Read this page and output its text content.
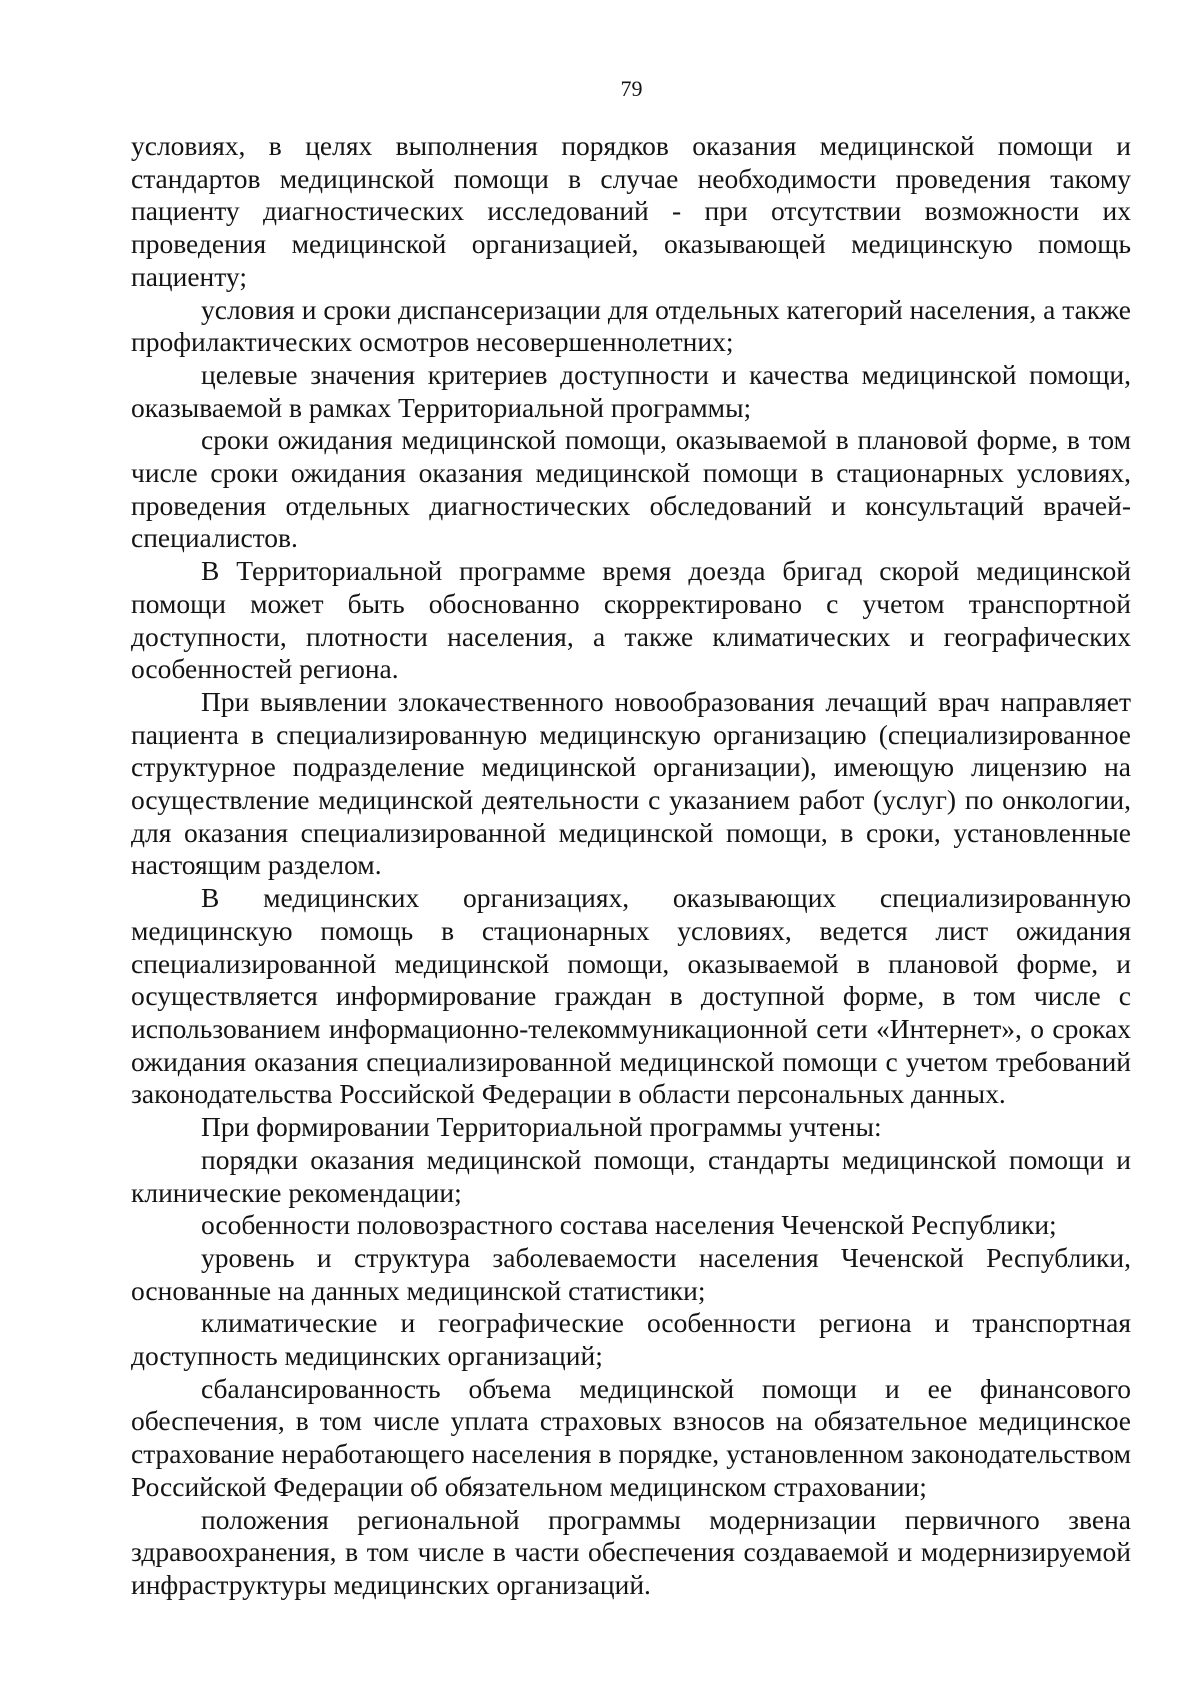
79

условиях, в целях выполнения порядков оказания медицинской помощи и стандартов медицинской помощи в случае необходимости проведения такому пациенту диагностических исследований - при отсутствии возможности их проведения медицинской организацией, оказывающей медицинскую помощь пациенту;

условия и сроки диспансеризации для отдельных категорий населения, а также профилактических осмотров несовершеннолетних;

целевые значения критериев доступности и качества медицинской помощи, оказываемой в рамках Территориальной программы;

сроки ожидания медицинской помощи, оказываемой в плановой форме, в том числе сроки ожидания оказания медицинской помощи в стационарных условиях, проведения отдельных диагностических обследований и консультаций врачей-специалистов.

В Территориальной программе время доезда бригад скорой медицинской помощи может быть обоснованно скорректировано с учетом транспортной доступности, плотности населения, а также климатических и географических особенностей региона.

При выявлении злокачественного новообразования лечащий врач направляет пациента в специализированную медицинскую организацию (специализированное структурное подразделение медицинской организации), имеющую лицензию на осуществление медицинской деятельности с указанием работ (услуг) по онкологии, для оказания специализированной медицинской помощи, в сроки, установленные настоящим разделом.

В медицинских организациях, оказывающих специализированную медицинскую помощь в стационарных условиях, ведется лист ожидания специализированной медицинской помощи, оказываемой в плановой форме, и осуществляется информирование граждан в доступной форме, в том числе с использованием информационно-телекоммуникационной сети «Интернет», о сроках ожидания оказания специализированной медицинской помощи с учетом требований законодательства Российской Федерации в области персональных данных.

При формировании Территориальной программы учтены:

порядки оказания медицинской помощи, стандарты медицинской помощи и клинические рекомендации;

особенности половозрастного состава населения Чеченской Республики;

уровень и структура заболеваемости населения Чеченской Республики, основанные на данных медицинской статистики;

климатические и географические особенности региона и транспортная доступность медицинских организаций;

сбалансированность объема медицинской помощи и ее финансового обеспечения, в том числе уплата страховых взносов на обязательное медицинское страхование неработающего населения в порядке, установленном законодательством Российской Федерации об обязательном медицинском страховании;

положения региональной программы модернизации первичного звена здравоохранения, в том числе в части обеспечения создаваемой и модернизируемой инфраструктуры медицинских организаций.
